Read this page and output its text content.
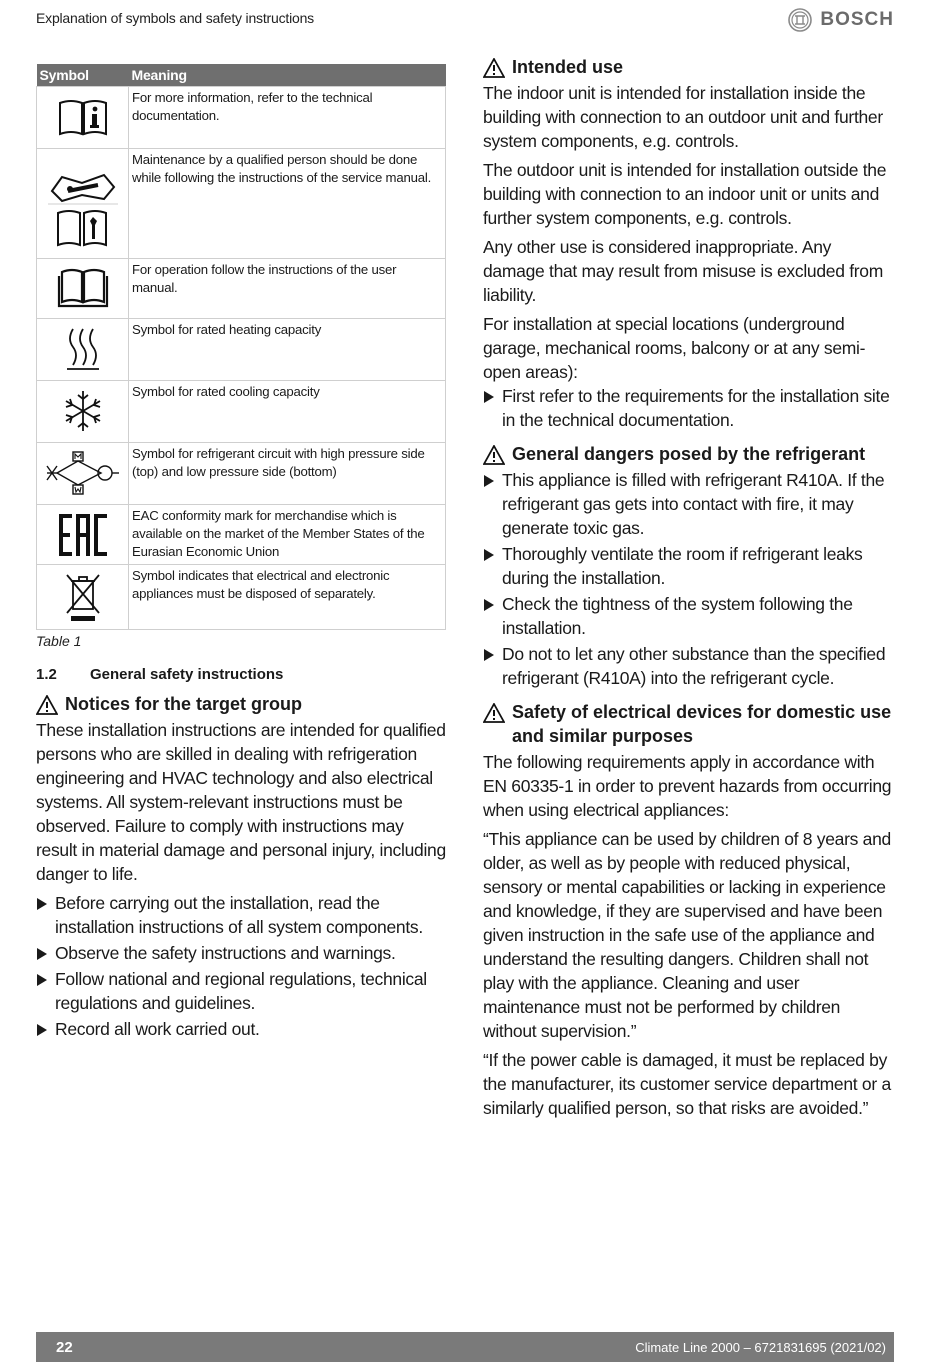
Explanation of symbols and safety instructions	BOSCH
Symbol	Meaning
	For more information, refer to the technical documentation.
	Maintenance by a qualified person should be done while following the instructions of the service manual.
	For operation follow the instructions of the user manual.
	Symbol for rated heating capacity
	Symbol for rated cooling capacity
	Symbol for refrigerant circuit with high pressure side (top) and low pressure side (bottom)
	EAC conformity mark for merchandise which is available on the market of the Member States of the Eurasian Economic Union
	Symbol indicates that electrical and electronic appliances must be disposed of separately.
Table 1
1.2 General safety instructions
Notices for the target group

These installation instructions are intended for qualified persons who are skilled in dealing with refrigeration engineering and HVAC technology and also electrical systems. All system-relevant instructions must be observed. Failure to comply with instructions may result in material damage and personal injury, including danger to life.

Before carrying out the installation, read the installation instructions of all system components.
Observe the safety instructions and warnings.
Follow national and regional regulations, technical regulations and guidelines.
Record all work carried out.
Intended use

The indoor unit is intended for installation inside the building with connection to an outdoor unit and further system components, e.g. controls.

The outdoor unit is intended for installation outside the building with connection to an indoor unit or units and further system components, e.g. controls.

Any other use is considered inappropriate. Any damage that may result from misuse is excluded from liability.

For installation at special locations (underground garage, mechanical rooms, balcony or at any semi-open areas):

First refer to the requirements for the installation site in the technical documentation.
General dangers posed by the refrigerant
This appliance is filled with refrigerant R410A. If the refrigerant gas gets into contact with fire, it may generate toxic gas.
Thoroughly ventilate the room if refrigerant leaks during the installation.
Check the tightness of the system following the installation.
Do not to let any other substance than the specified refrigerant (R410A) into the refrigerant cycle.
Safety of electrical devices for domestic use
and similar purposes

The following requirements apply in accordance with EN 60335-1 in order to prevent hazards from occurring when using electrical appliances:

“This appliance can be used by children of 8 years and older, as well as by people with reduced physical, sensory or mental capabilities or lacking in experience and knowledge, if they are supervised and have been given instruction in the safe use of the appliance and understand the resulting dangers. Children shall not play with the appliance. Cleaning and user maintenance must not be performed by children without supervision.”

“If the power cable is damaged, it must be replaced by the manufacturer, its customer service department or a similarly qualified person, so that risks are avoided.”

22	Climate Line 2000 – 6721831695 (2021/02)
